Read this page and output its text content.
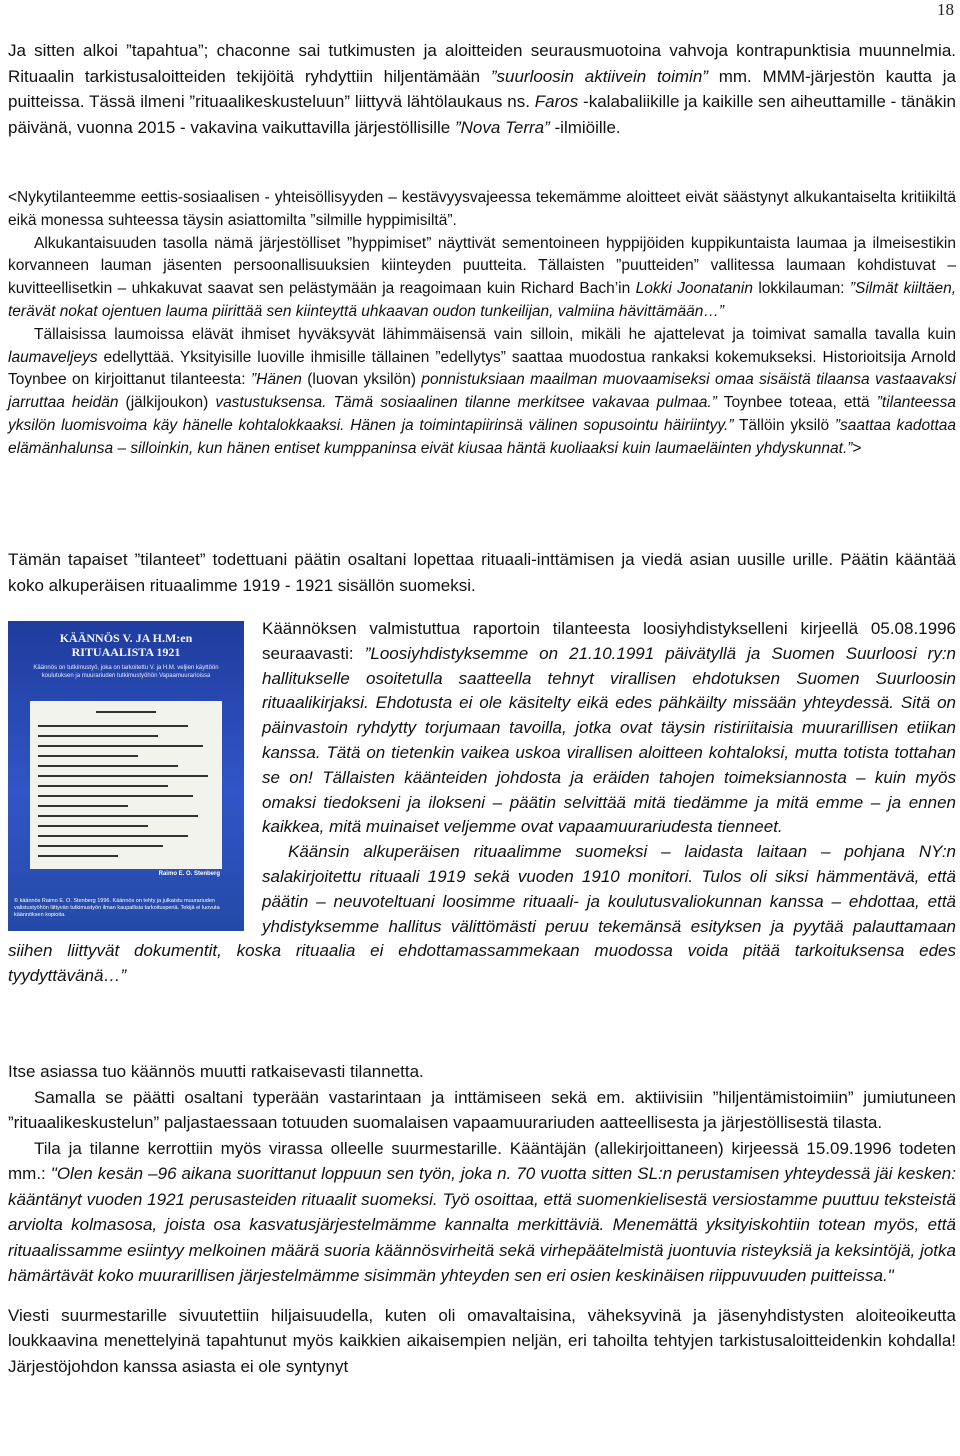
18

Ja sitten alkoi ”tapahtua”; chaconne sai tutkimusten ja aloitteiden seurausmuotoina vahvoja kontrapunktisia muunnelmia. Rituaalin tarkistusaloitteiden tekijöitä ryhdyttiin hiljentämään ”suurloosin aktiivein toimin” mm. MMM-järjestön kautta ja puitteissa. Tässä ilmeni ”rituaalikeskusteluun” liittyvä lähtölaukaus ns. Faros -kalabaliikille ja kaikille sen aiheuttamille - tänäkin päivänä, vuonna 2015 - vakavina vaikuttavilla järjestöllisille ”Nova Terra” -ilmiöille.

<Nykytilanteemme eettis-sosiaalisen - yhteisöllisyyden – kestävyysvajeessa tekemämme aloitteet eivät säästynyt alkukantaiselta kritiikiltä eikä monessa suhteessa täysin asiattomilta ”silmille hyppimisiltä”.

Alkukantaisuuden tasolla nämä järjestölliset ”hyppimiset” näyttivät sementoineen hyppijöiden kuppikuntaista laumaa ja ilmeisestikin korvanneen lauman jäsenten persoonallisuuksien kiinteyden puutteita. Tällaisten ”puutteiden” vallitessa laumaan kohdistuvat – kuvitteellisetkin – uhkakuvat saavat sen pelästymään ja reagoimaan kuin Richard Bach’in Lokki Joonatanin lokkilauman: ”Silmät kiiltäen, terävät nokat ojentuen lauma piirittää sen kiinteyttä uhkaavan oudon tunkeilijan, valmiina hävittämään…”

Tällaisissa laumoissa elävät ihmiset hyväksyvät lähimmäisensä vain silloin, mikäli he ajattelevat ja toimivat samalla tavalla kuin laumaveljeys edellyttää. Yksityisille luoville ihmisille tällainen ”edellytys” saattaa muodostua rankaksi kokemukseksi. Historioitsija Arnold Toynbee on kirjoittanut tilanteesta: ”Hänen (luovan yksilön) ponnistuksiaan maailman muovaamiseksi omaa sisäistä tilaansa vastaavaksi jarruttaa heidän (jälkijoukon) vastustuksensa. Tämä sosiaalinen tilanne merkitsee vakavaa pulmaa.” Toynbee toteaa, että ”tilanteessa yksilön luomisvoima käy hänelle kohtalokkaaksi. Hänen ja toimintapiirinsä välinen sopusointu häiriintyy.” Tällöin yksilö ”saattaa kadottaa elämänhalunsa – silloinkin, kun hänen entiset kumppaninsa eivät kiusaa häntä kuoliaaksi kuin laumaeläinten yhdyskunnat.”>

Tämän tapaiset ”tilanteet” todettuani päätin osaltani lopettaa rituaali-inttämisen ja viedä asian uusille urille. Päätin kääntää koko alkuperäisen rituaalimme 1919 - 1921 sisällön suomeksi.

KÄÄNNÖS V. JA H.M:en
RITUAALISTA 1921
Käännös on tutkimustyö, joka on tarkoitettu V. ja H.M. veljien käyttöön koulutuksen ja muurariuden tutkimustyöhön Vapaamuurarioissa
Raimo E. O. Stenberg
© käännös Raimo E. O. Stenberg 1996. Käännös on tehty ja julkaistu muurariuden valistustyöhön liittyvän tutkimustyön ilman kaupallisia tarkoitusperiä. Tekijä ei luovuta käännöksen kopioita.

Käännöksen valmistuttua raportoin tilanteesta loosiyhdistykselleni kirjeellä 05.08.1996 seuraavasti: ”Loosiyhdistyksemme on 21.10.1991 päivätyllä ja Suomen Suurloosi ry:n hallitukselle osoitetulla saatteella tehnyt virallisen ehdotuksen Suomen Suurloosin rituaalikirjaksi. Ehdotusta ei ole käsitelty eikä edes pähkäilty missään yhteydessä. Sitä on päinvastoin ryhdytty torjumaan tavoilla, jotka ovat täysin ristiriitaisia muurarillisen etiikan kanssa. Tätä on tietenkin vaikea uskoa virallisen aloitteen kohtaloksi, mutta totista tottahan se on! Tällaisten käänteiden johdosta ja eräiden tahojen toimeksiannosta – kuin myös omaksi tiedokseni ja ilokseni – päätin selvittää mitä tiedämme ja mitä emme – ja ennen kaikkea, mitä muinaiset veljemme ovat vapaamuurariudesta tienneet.

Käänsin alkuperäisen rituaalimme suomeksi – laidasta laitaan – pohjana NY:n salakirjoitettu rituaali 1919 sekä vuoden 1910 monitori. Tulos oli siksi hämmentävä, että päätin – neuvoteltuani loosimme rituaali- ja koulutusvaliokunnan kanssa – ehdottaa, että yhdistyksemme hallitus välittömästi peruu tekemänsä esityksen ja pyytää palauttamaan siihen liittyvät dokumentit, koska rituaalia ei ehdottamassammekaan muodossa voida pitää tarkoituksensa edes tyydyttävänä…”

Itse asiassa tuo käännös muutti ratkaisevasti tilannetta.

Samalla se päätti osaltani typerään vastarintaan ja inttämiseen sekä em. aktiivisiin ”hiljentämistoimiin” jumiutuneen ”rituaalikeskustelun” paljastaessaan totuuden suomalaisen vapaamuurariuden aatteellisesta ja järjestöllisestä tilasta.

Tila ja tilanne kerrottiin myös virassa olleelle suurmestarille. Kääntäjän (allekirjoittaneen) kirjeessä 15.09.1996 todeten mm.: "Olen kesän –96 aikana suorittanut loppuun sen työn, joka n. 70 vuotta sitten SL:n perustamisen yhteydessä jäi kesken: kääntänyt vuoden 1921 perusasteiden rituaalit suomeksi. Työ osoittaa, että suomenkielisestä versiostamme puuttuu teksteistä arviolta kolmasosa, joista osa kasvatusjärjestelmämme kannalta merkittäviä. Menemättä yksityiskohtiin totean myös, että rituaalissamme esiintyy melkoinen määrä suoria käännösvirheitä sekä virhepäätelmistä juontuvia risteyksiä ja keksintöjä, jotka hämärtävät koko muurarillisen järjestelmämme sisimmän yhteyden sen eri osien keskinäisen riippuvuuden puitteissa."

Viesti suurmestarille sivuutettiin hiljaisuudella, kuten oli omavaltaisina, väheksyvinä ja jäsenyhdistysten aloiteoikeutta loukkaavina menettelyinä tapahtunut myös kaikkien aikaisempien neljän, eri tahoilta tehtyjen tarkistusaloitteidenkin kohdalla! Järjestöjohdon kanssa asiasta ei ole syntynyt
